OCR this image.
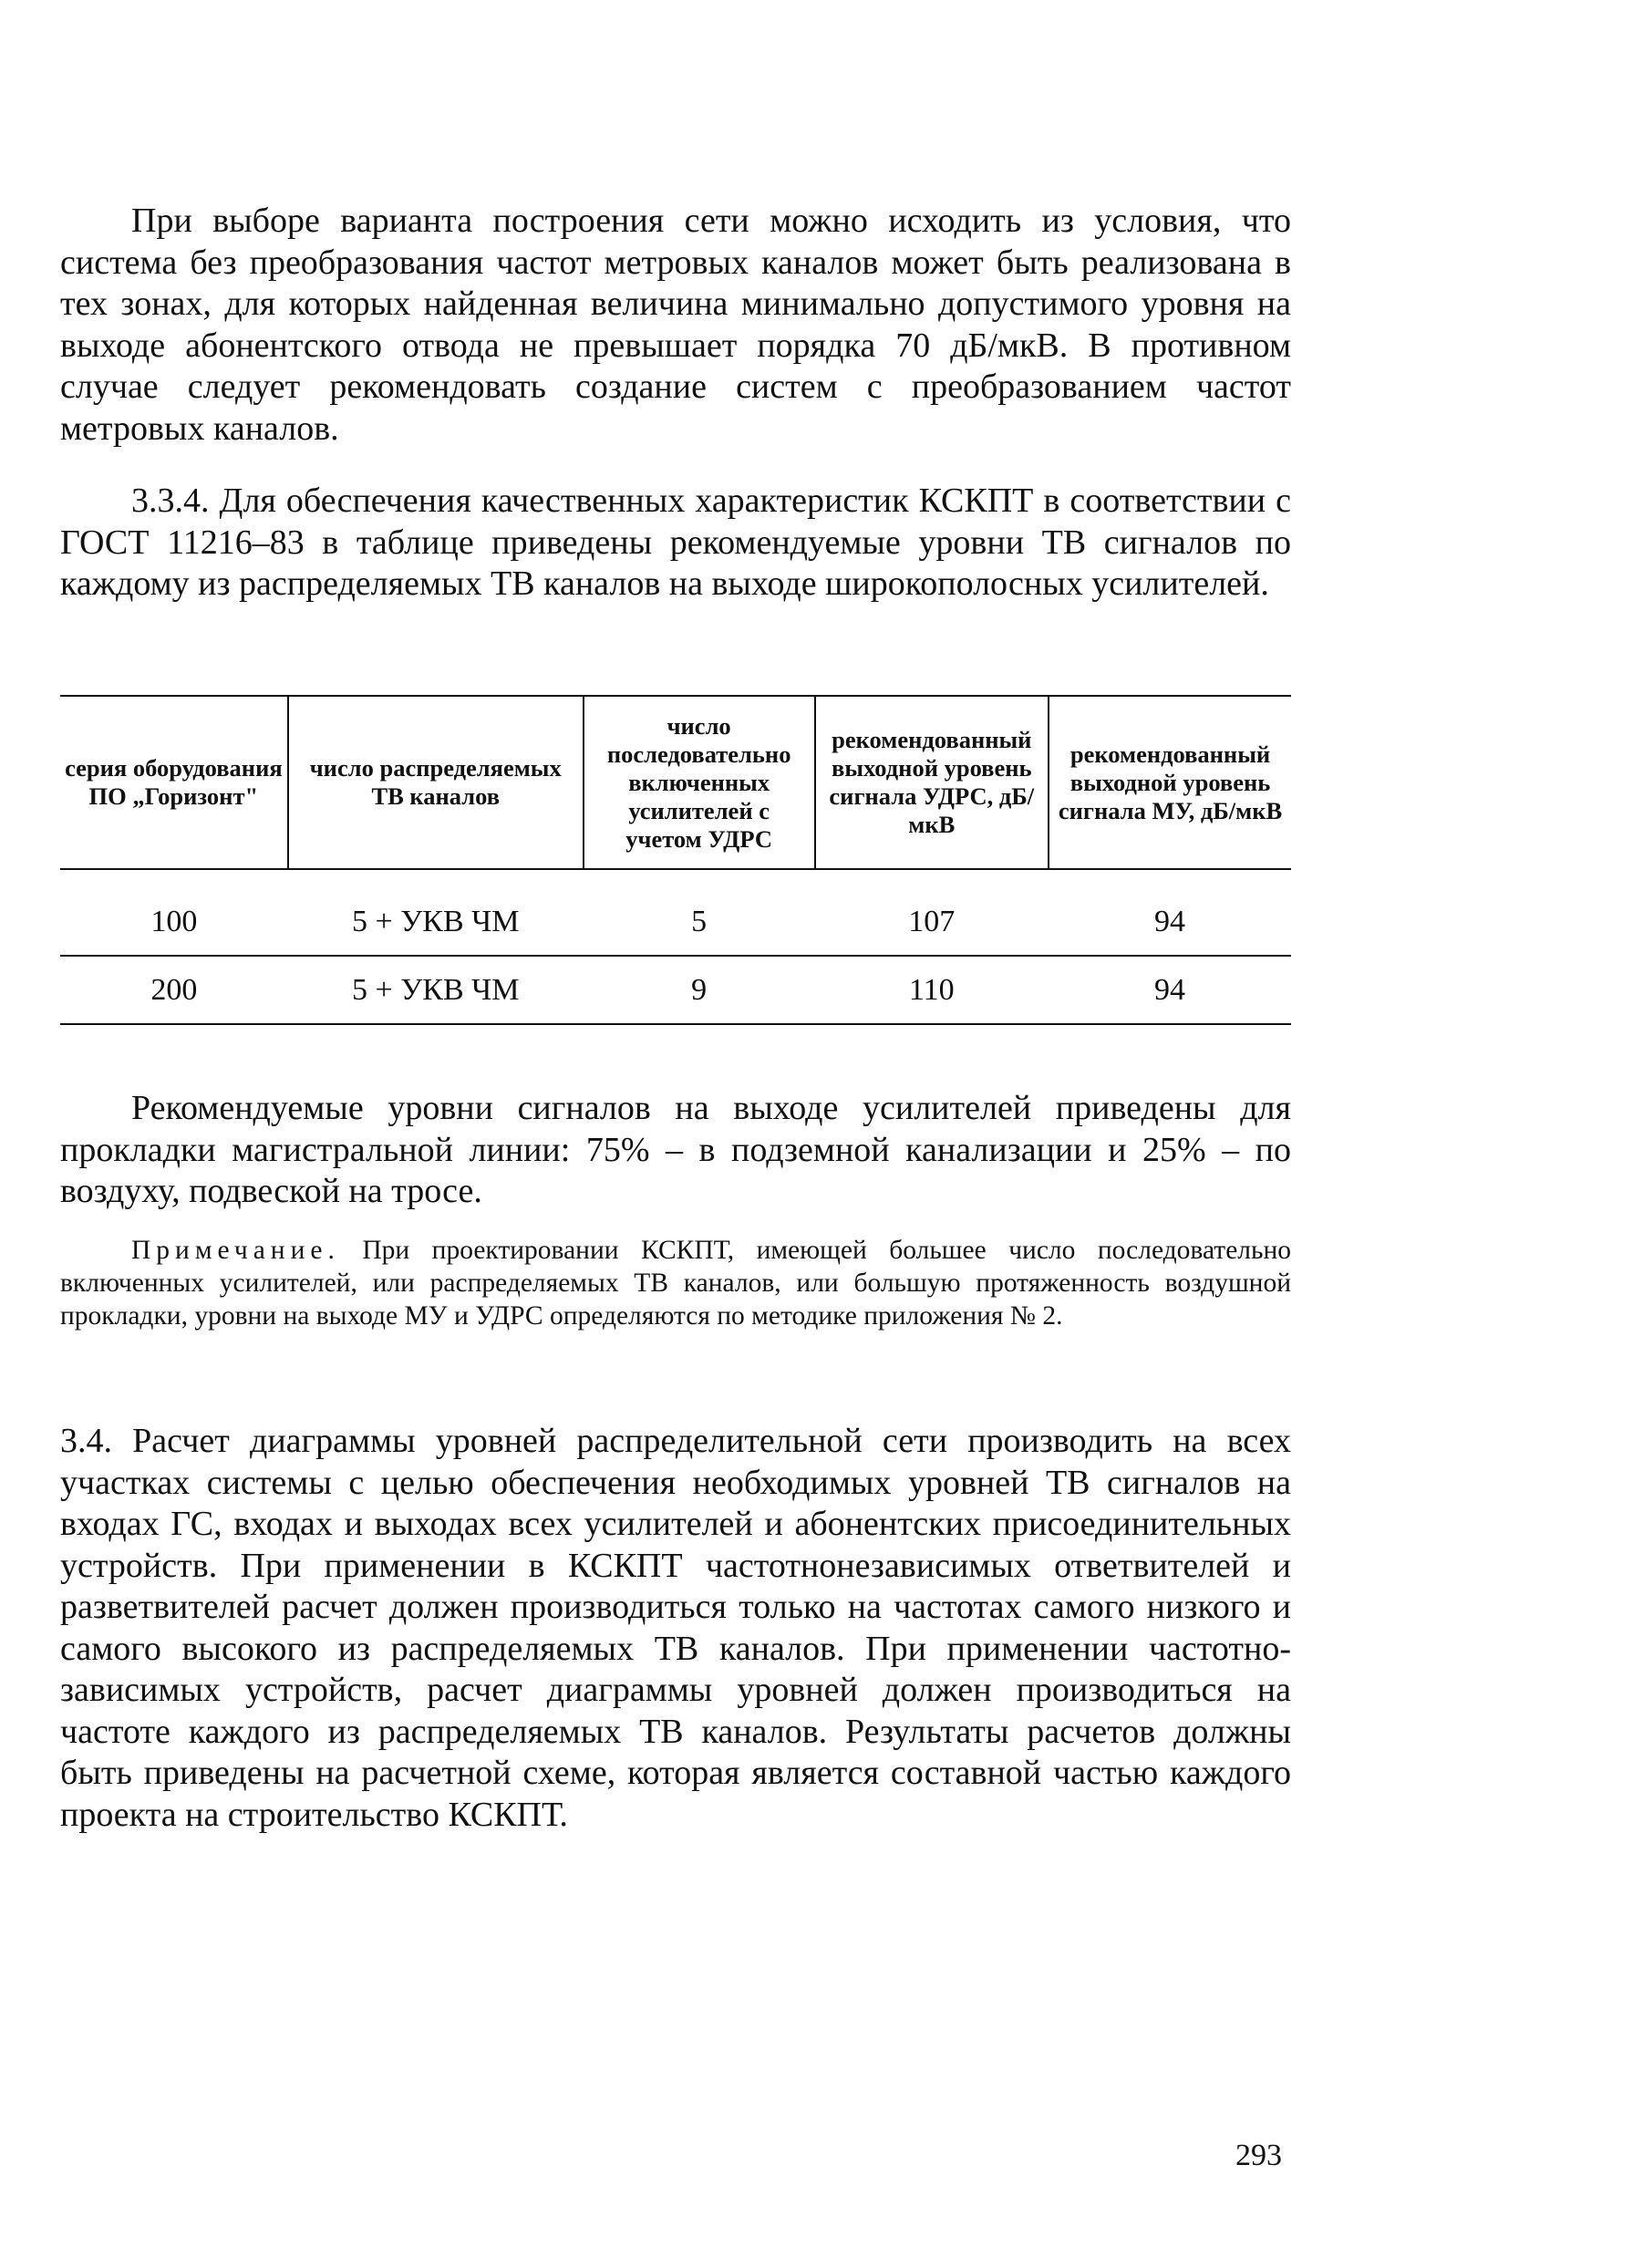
При выборе варианта построения сети можно исходить из условия, что система без преобразования частот метровых каналов может быть реализована в тех зонах, для которых найденная величина минимально допустимого уровня на выходе абонентского отвода не превышает порядка 70 дБ/мкВ. В противном случае следует рекомендовать создание систем с преобразованием частот метровых каналов.

3.3.4. Для обеспечения качественных характеристик КСКПТ в соответствии с ГОСТ 11216–83 в таблице приведены рекомендуемые уровни ТВ сигналов по каждому из распределяемых ТВ каналов на выходе широкополосных усилителей.

серия оборудования ПО „Горизонт"	число распределяемых ТВ каналов	число последовательно включенных усилителей с учетом УДРС	рекомендованный выходной уровень сигнала УДРС, дБ/мкВ	рекомендованный выходной уровень сигнала МУ, дБ/мкВ

100	5 + УКВ ЧМ	5	107	94
200	5 + УКВ ЧМ	9	110	94

Рекомендуемые уровни сигналов на выходе усилителей приведены для прокладки магистральной линии: 75% – в подземной канализации и 25% – по воздуху, подвеской на тросе.

Примечание. При проектировании КСКПТ, имеющей большее число последовательно включенных усилителей, или распределяемых ТВ каналов, или большую протяженность воздушной прокладки, уровни на выходе МУ и УДРС определяются по методике приложения № 2.

3.4. Расчет диаграммы уровней распределительной сети производить на всех участках системы с целью обеспечения необходимых уровней ТВ сигналов на входах ГС, входах и выходах всех усилителей и абонентских присоединительных устройств. При применении в КСКПТ частотнонезависимых ответвителей и разветвителей расчет должен производиться только на частотах самого низкого и самого высокого из распределяемых ТВ каналов. При применении частотно-зависимых устройств, расчет диаграммы уровней должен производиться на частоте каждого из распределяемых ТВ каналов. Результаты расчетов должны быть приведены на расчетной схеме, которая является составной частью каждого проекта на строительство КСКПТ.

293
